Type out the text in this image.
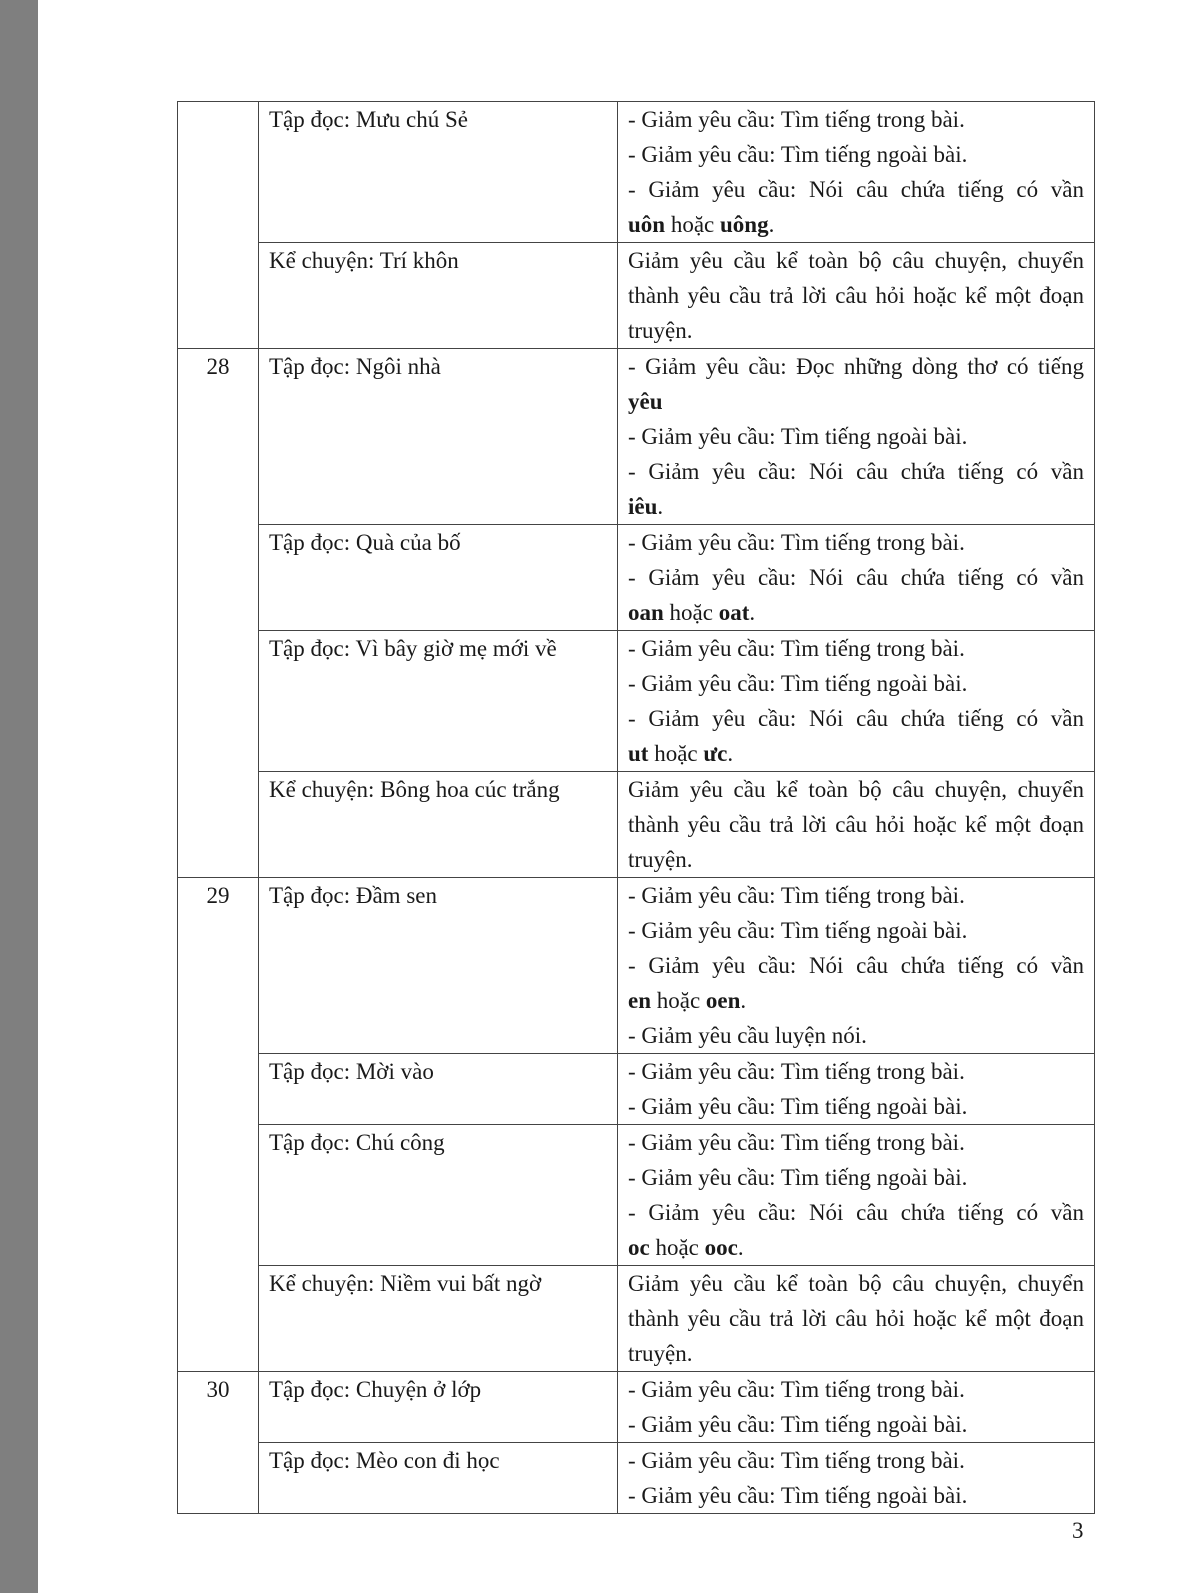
	Tập đọc: Mưu chú Sẻ	- Giảm yêu cầu: Tìm tiếng trong bài.
- Giảm yêu cầu: Tìm tiếng ngoài bài.
- Giảm yêu cầu: Nói câu chứa tiếng có vần
uôn hoặc uông.

	Kể chuyện: Trí khôn	Giảm yêu cầu kể toàn bộ câu chuyện, chuyển thành yêu cầu trả lời câu hỏi hoặc kể một đoạn truyện.
28	Tập đọc: Ngôi nhà	- Giảm yêu cầu: Đọc những dòng thơ có tiếng yêu
- Giảm yêu cầu: Tìm tiếng ngoài bài.
- Giảm yêu cầu: Nói câu chứa tiếng có vần
iêu.

	Tập đọc: Quà của bố	- Giảm yêu cầu: Tìm tiếng trong bài.
- Giảm yêu cầu: Nói câu chứa tiếng có vần
oan hoặc oat.

	Tập đọc: Vì bây giờ mẹ mới về	- Giảm yêu cầu: Tìm tiếng trong bài.
- Giảm yêu cầu: Tìm tiếng ngoài bài.
- Giảm yêu cầu: Nói câu chứa tiếng có vần
ut hoặc ưc.

	Kể chuyện: Bông hoa cúc trắng	Giảm yêu cầu kể toàn bộ câu chuyện, chuyển thành yêu cầu trả lời câu hỏi hoặc kể một đoạn truyện.
29	Tập đọc: Đầm sen	- Giảm yêu cầu: Tìm tiếng trong bài.
- Giảm yêu cầu: Tìm tiếng ngoài bài.
- Giảm yêu cầu: Nói câu chứa tiếng có vần
en hoặc oen.
- Giảm yêu cầu luyện nói.

	Tập đọc: Mời vào	- Giảm yêu cầu: Tìm tiếng trong bài.
- Giảm yêu cầu: Tìm tiếng ngoài bài.

	Tập đọc: Chú công	- Giảm yêu cầu: Tìm tiếng trong bài.
- Giảm yêu cầu: Tìm tiếng ngoài bài.
- Giảm yêu cầu: Nói câu chứa tiếng có vần
oc hoặc ooc.

	Kể chuyện: Niềm vui bất ngờ	Giảm yêu cầu kể toàn bộ câu chuyện, chuyển thành yêu cầu trả lời câu hỏi hoặc kể một đoạn truyện.
30	Tập đọc: Chuyện ở lớp	- Giảm yêu cầu: Tìm tiếng trong bài.
- Giảm yêu cầu: Tìm tiếng ngoài bài.

	Tập đọc: Mèo con đi học	- Giảm yêu cầu: Tìm tiếng trong bài.
- Giảm yêu cầu: Tìm tiếng ngoài bài.
3
